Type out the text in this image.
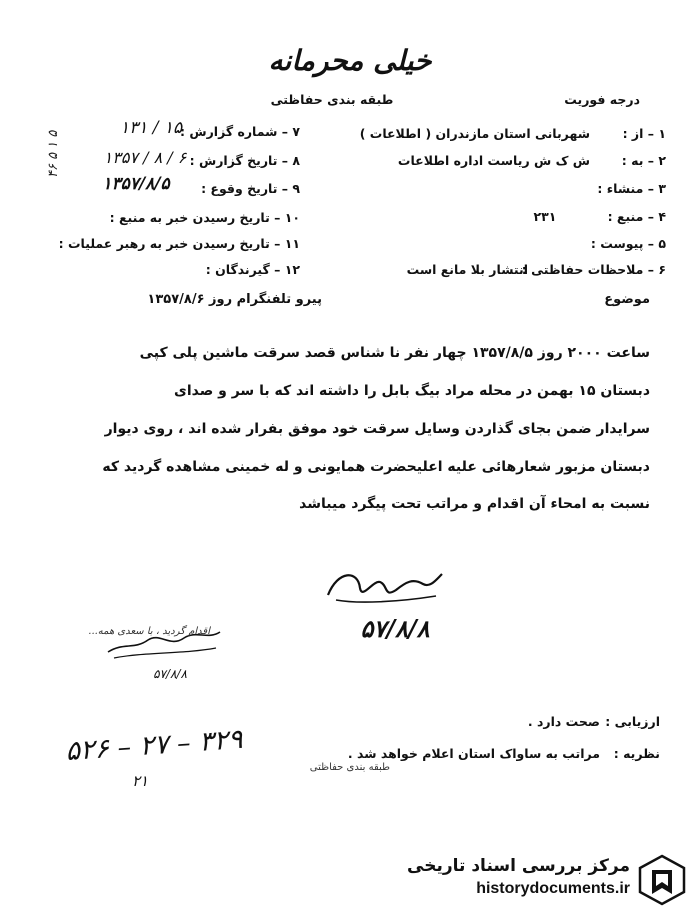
خیلی محرمانه
طبقه بندی حفاظتی	درجه فوریت
۴۶ ۵ ۱ ۵	۷ – شماره گزارش :
۱۳۱ / ۱۵
۸ – تاریخ گزارش :
۱۳۵۷ / ۸ / ۶
۹ – تاریخ وقوع :
۱۳۵۷/۸/۵
۱۰ – تاریخ رسیدن خبر به منبع :
۱۱ – تاریخ رسیدن خبر به رهبر عملیات :
۱۲ – گیرندگان :
۱ – از :
شهربانی استان مازندران ( اطلاعات )
۲ – به :
ش ک ش ریاست اداره اطلاعات
۳ – منشاء :
۴ – منبع :
۲۳۱
۵ – پیوست :
۶ – ملاحظات حفاظتی :
انتشار بلا مانع است
موضوع
پیرو تلفنگرام روز ۱۳۵۷/۸/۶
ساعت ۲۰۰۰ روز ۱۳۵۷/۸/۵ چهار نفر نا شناس قصد سرقت ماشین پلی کپی
دبستان ۱۵ بهمن در محله مراد بیگ بابل را داشته اند که با سر و صدای
سرایدار ضمن بجای گذاردن وسایل سرقت خود موفق بفرار شده اند ، روی دیوار
دبستان مزبور شعارهائی علیه اعلیحضرت همایونی و له خمینی مشاهده گردید که
نسبت به امحاء آن اقدام و مراتب تحت پیگرد میباشد
۵۷/۸/۸
اقدام گردید ، با سعدی همه...
۵۷/۸/۸
ارزیابی :
صحت دارد .
نظریه :
مراتب به ساواک استان اعلام خواهد شد .
طبقه بندی حفاظتی
۵۲۶ – ۲۷ – ۳۲۹
۲۱
مرکز بررسی اسناد تاریخی
historydocuments.ir
